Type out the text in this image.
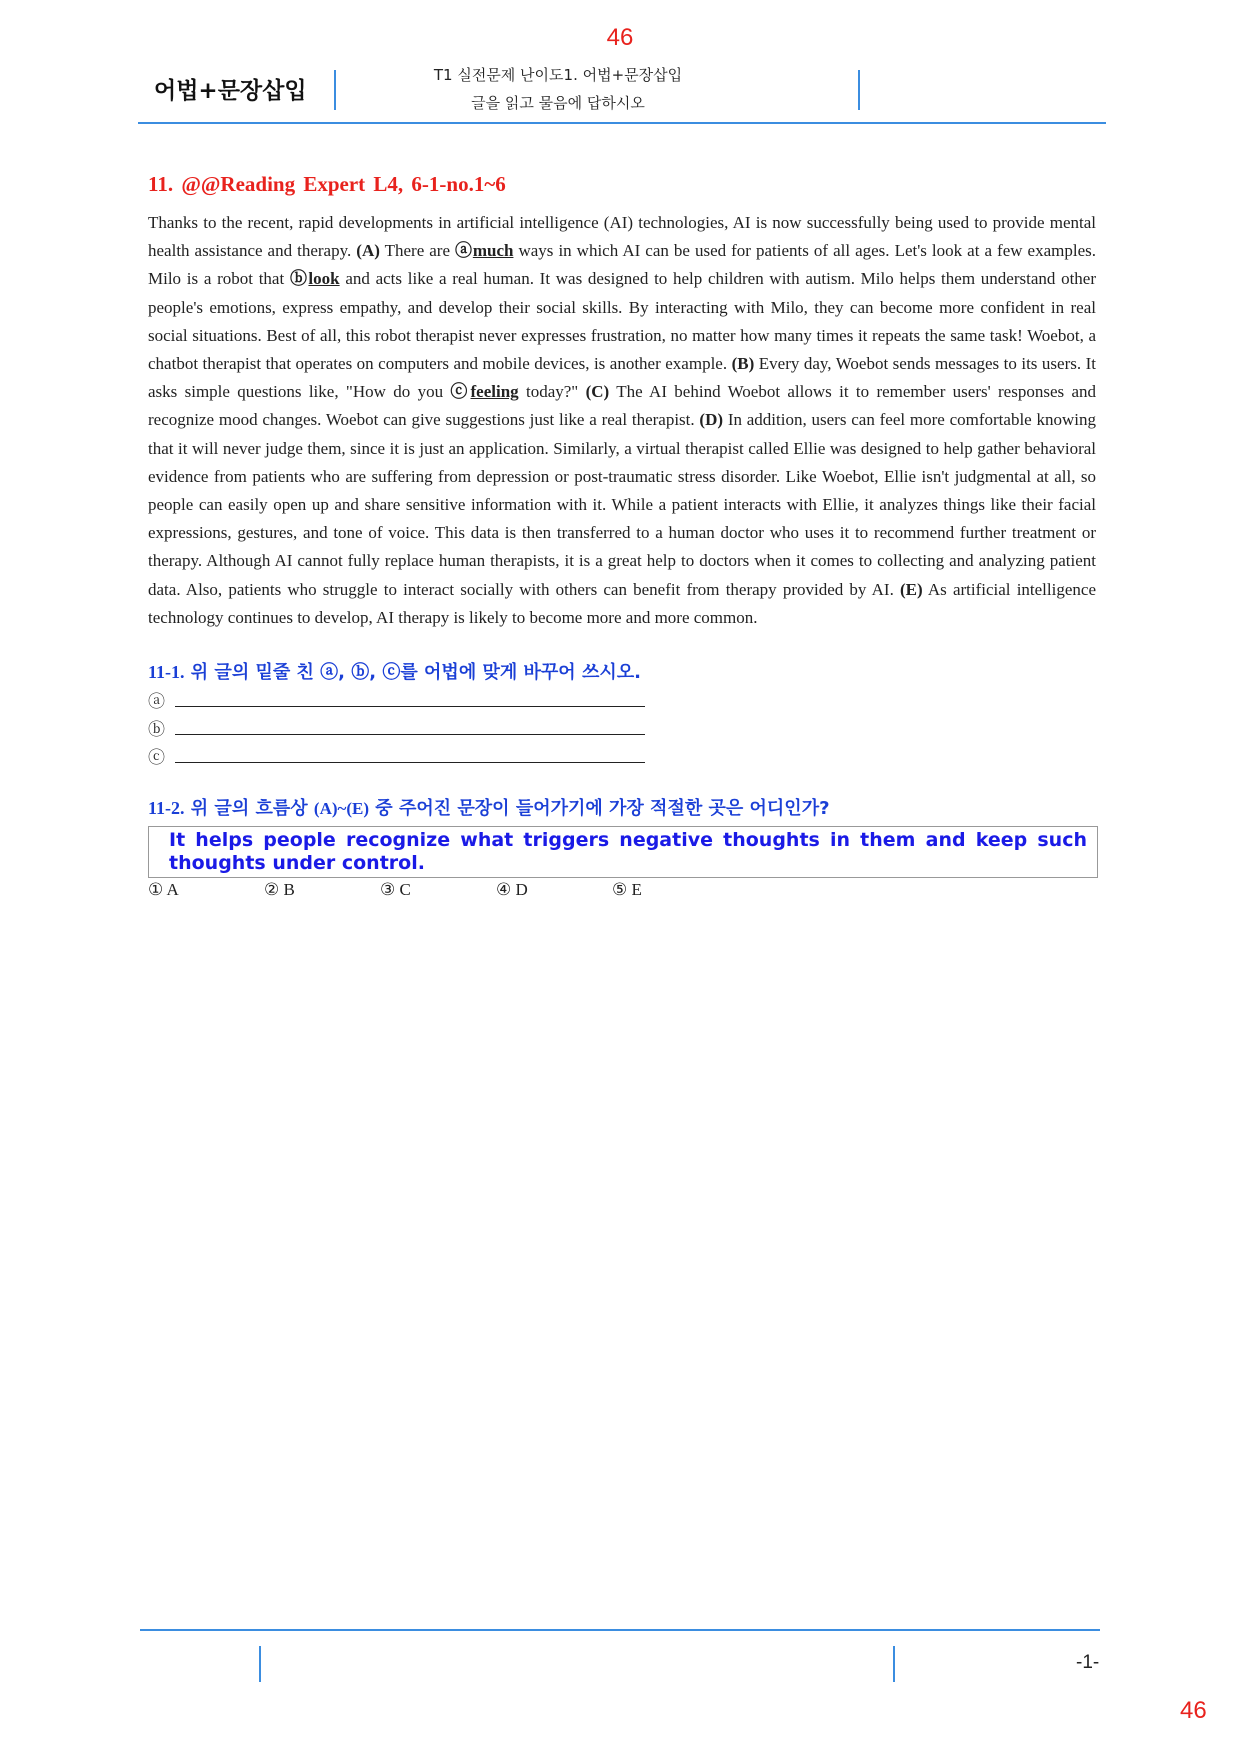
46
어법+문장삽입
T1 실전문제 난이도1. 어법+문장삽입
글을 읽고 물음에 답하시오
11. @@Reading Expert L4, 6-1-no.1~6

Thanks to the recent, rapid developments in artificial intelligence (AI) technologies, AI is now successfully being used to provide mental health assistance and therapy. (A) There are ⓐmuch ways in which AI can be used for patients of all ages. Let's look at a few examples. Milo is a robot that ⓑlook and acts like a real human. It was designed to help children with autism. Milo helps them understand other people's emotions, express empathy, and develop their social skills. By interacting with Milo, they can become more confident in real social situations. Best of all, this robot therapist never expresses frustration, no matter how many times it repeats the same task! Woebot, a chatbot therapist that operates on computers and mobile devices, is another example. (B) Every day, Woebot sends messages to its users. It asks simple questions like, "How do you ⓒfeeling today?" (C) The AI behind Woebot allows it to remember users' responses and recognize mood changes. Woebot can give suggestions just like a real therapist. (D) In addition, users can feel more comfortable knowing that it will never judge them, since it is just an application. Similarly, a virtual therapist called Ellie was designed to help gather behavioral evidence from patients who are suffering from depression or post-traumatic stress disorder. Like Woebot, Ellie isn't judgmental at all, so people can easily open up and share sensitive information with it. While a patient interacts with Ellie, it analyzes things like their facial expressions, gestures, and tone of voice. This data is then transferred to a human doctor who uses it to recommend further treatment or therapy. Although AI cannot fully replace human therapists, it is a great help to doctors when it comes to collecting and analyzing patient data. Also, patients who struggle to interact socially with others can benefit from therapy provided by AI. (E) As artificial intelligence technology continues to develop, AI therapy is likely to become more and more common.

11-1. 위 글의 밑줄 친 ⓐ, ⓑ, ⓒ를 어법에 맞게 바꾸어 쓰시오.

ⓐ
ⓑ
ⓒ

11-2. 위 글의 흐름상 (A)~(E) 중 주어진 문장이 들어가기에 가장 적절한 곳은 어디인가?

It helps people recognize what triggers negative thoughts in them and keep such thoughts under control.
① A	② B	③ C	④ D	⑤ E
-1-
46
